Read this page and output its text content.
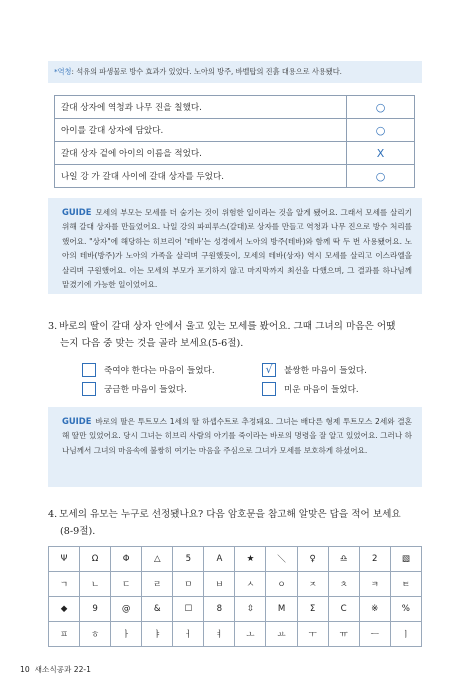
*역청: 석유의 파생물로 방수 효과가 있었다. 노아의 방주, 바벨탑의 진흙 대용으로 사용됐다.
갈대 상자에 역청과 나무 진을 칠했다.	○
아이를 갈대 상자에 담았다.	○
갈대 상자 겉에 아이의 이름을 적었다.	X
나일 강 가 갈대 사이에 갈대 상자를 두었다.	○
GUIDE 모세의 부모는 모세를 더 숨기는 것이 위험한 일이라는 것을 알게 됐어요. 그래서 모세를 살리기 위해 갈대 상자를 만들었어요. 나일 강의 파피루스(갈대)로 상자를 만들고 역청과 나무 진으로 방수 처리를 했어요. "상자"에 해당하는 히브리어 '테바'는 성경에서 노아의 방주(테바)와 함께 딱 두 번 사용됐어요. 노아의 테바(방주)가 노아의 가족을 살리며 구원했듯이, 모세의 테바(상자) 역시 모세를 살리고 이스라엘을 살리며 구원했어요. 이는 모세의 부모가 포기하지 않고 마지막까지 최선을 다했으며, 그 결과를 하나님께 맡겼기에 가능한 일이었어요.
3. 바로의 딸이 갈대 상자 안에서 울고 있는 모세를 봤어요. 그때 그녀의 마음은 어땠
는지 다음 중 맞는 것을 골라 보세요(5-6절).
죽여야 한다는 마음이 들었다.	√	불쌍한 마음이 들었다.
궁금한 마음이 들었다.	미운 마음이 들었다.
GUIDE 바로의 딸은 투트모스 1세의 딸 하셉수트로 추정돼요. 그녀는 배다른 형제 투트모스 2세와 결혼해 딸만 있었어요. 당시 그녀는 히브리 사람의 아기를 죽이라는 바로의 명령을 잘 알고 있었어요. 그러나 하나님께서 그녀의 마음속에 불쌍히 여기는 마음을 주심으로 그녀가 모세를 보호하게 하셨어요.
4. 모세의 유모는 누구로 선정됐나요? 다음 암호문을 참고해 알맞은 답을 적어 보세요
(8-9절).
Ψ	Ω	Φ	△	5	A	★	＼	♀	♎	2	▧
ㄱ	ㄴ	ㄷ	ㄹ	ㅁ	ㅂ	ㅅ	ㅇ	ㅈ	ㅊ	ㅋ	ㅌ
◆	9	@	&	☐	8	⇳	M	Σ	C	※	%
ㅍ	ㅎ	ㅏ	ㅑ	ㅓ	ㅕ	ㅗ	ㅛ	ㅜ	ㅠ	ㅡ	ㅣ
10 새소식공과 22-1
